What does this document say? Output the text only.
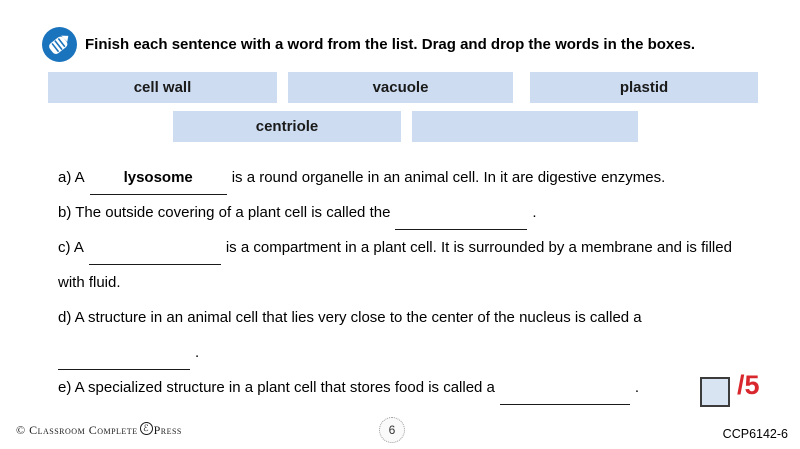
Finish each sentence with a word from the list. Drag and drop the words in the boxes.
cell wall	vacuole	plastid
centriole
a) A	lysosome	is a round organelle in an animal cell. In it are digestive enzymes.
b) The outside covering of a plant cell is called the	.
c) A	is a compartment in a plant cell. It is surrounded by a membrane and is filled
with fluid.
d) A structure in an animal cell that lies very close to the center of the nucleus is called a
.
e) A specialized structure in a plant cell that stores food is called a	.	/5
© Classroom Complete ℰ Press	6	CCP6142-6
